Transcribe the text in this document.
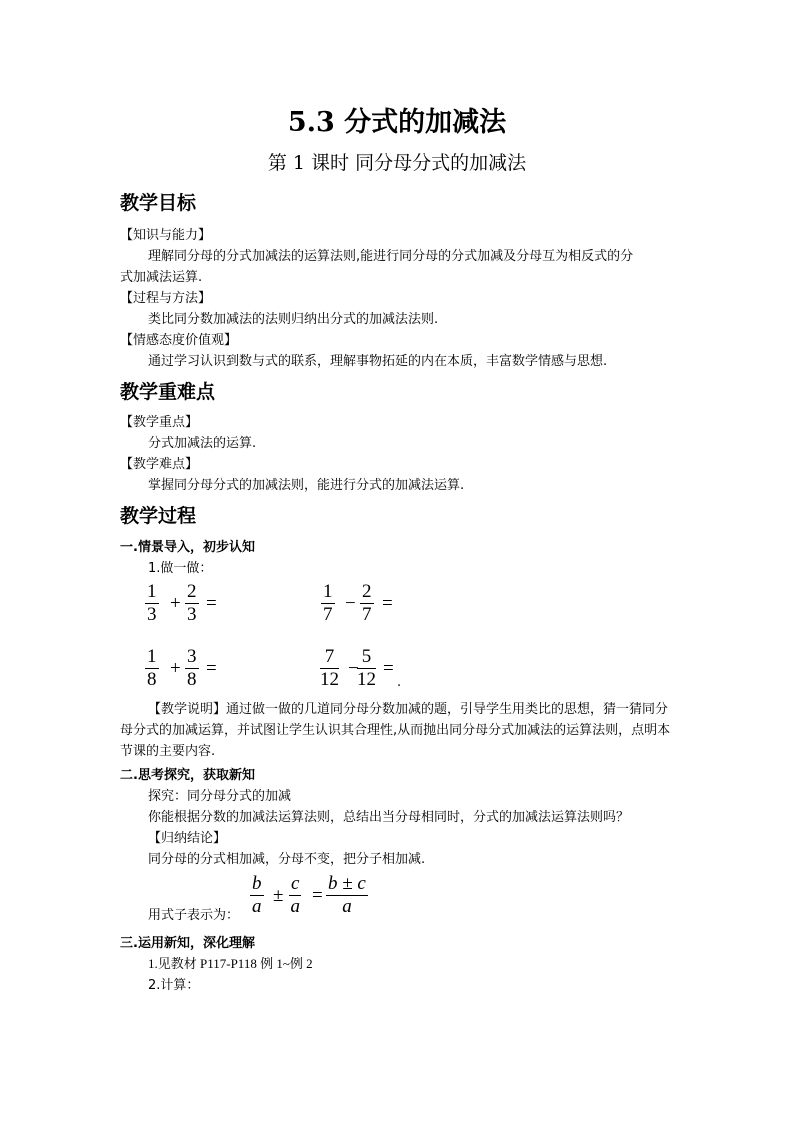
5.3 分式的加减法
第 1 课时 同分母分式的加减法
教学目标
【知识与能力】
理解同分母的分式加减法的运算法则,能进行同分母的分式加减及分母互为相反式的分
式加减法运算.
【过程与方法】
类比同分数加减法的法则归纳出分式的加减法法则.
【情感态度价值观】
通过学习认识到数与式的联系，理解事物拓延的内在本质，丰富数学情感与思想.
教学重难点
【教学重点】
分式加减法的运算.
【教学难点】
掌握同分母分式的加减法则，能进行分式的加减法运算.
教学过程
一.情景导入，初步认知
1.做一做：
1
3
+
2
3
=
1
7
−
2
7
=
1
8
+
3
8
=
7
12
−
5
12
=
.

【教学说明】通过做一做的几道同分母分数加减的题，引导学生用类比的思想，猜一猜同分母分式的加减运算，并试图让学生认识其合理性,从而抛出同分母分式加减法的运算法则，点明本节课的主要内容.

二.思考探究，获取新知
探究：同分母分式的加减
你能根据分数的加减法运算法则，总结出当分母相同时，分式的加减法运算法则吗？
【归纳结论】
同分母的分式相加减，分母不变，把分子相加减.
用式子表示为：
b
a
±
c
a
=
b ± c
a
三.运用新知，深化理解
1.见教材 P117-P118 例 1~例 2
2.计算：
